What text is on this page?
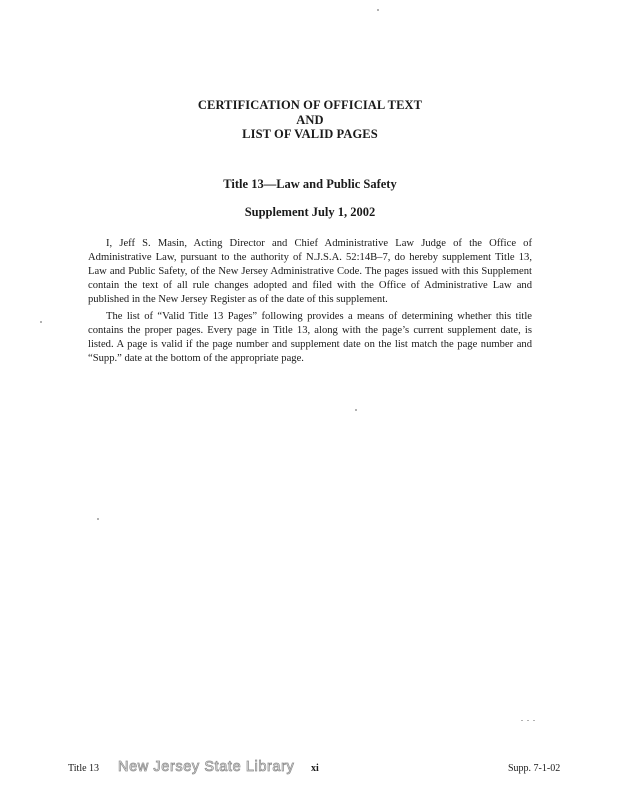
CERTIFICATION OF OFFICIAL TEXT
AND
LIST OF VALID PAGES
Title 13—Law and Public Safety
Supplement July 1, 2002

I, Jeff S. Masin, Acting Director and Chief Administrative Law Judge of the Office of Administrative Law, pursuant to the authority of N.J.S.A. 52:14B–7, do hereby supplement Title 13, Law and Public Safety, of the New Jersey Administrative Code. The pages issued with this Supplement contain the text of all rule changes adopted and filed with the Office of Administrative Law and published in the New Jersey Register as of the date of this supplement.

The list of “Valid Title 13 Pages” following provides a means of determining whether this title contains the proper pages. Every page in Title 13, along with the page’s current supplement date, is listed. A page is valid if the page number and supplement date on the list match the page number and “Supp.” date at the bottom of the appropriate page.

Title 13 New Jersey State Library xi	Supp. 7-1-02
